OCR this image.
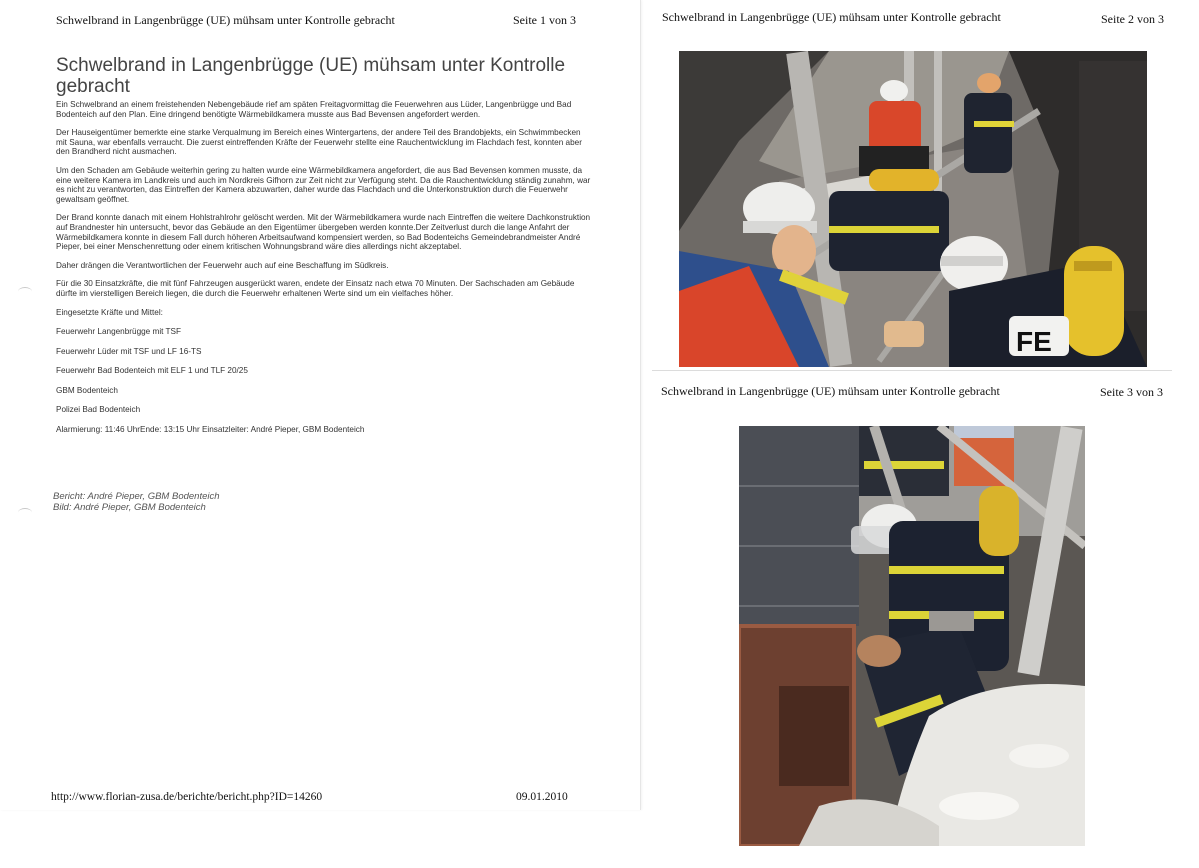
Schwelbrand in Langenbrügge (UE) mühsam unter Kontrolle gebracht	Seite 1 von 3
Schwelbrand in Langenbrügge (UE) mühsam unter Kontrolle gebracht

Ein Schwelbrand an einem freistehenden Nebengebäude rief am späten Freitagvormittag die Feuerwehren aus Lüder, Langenbrügge und Bad Bodenteich auf den Plan. Eine dringend benötigte Wärmebildkamera musste aus Bad Bevensen angefordert werden.

Der Hauseigentümer bemerkte eine starke Verqualmung im Bereich eines Wintergartens, der andere Teil des Brandobjekts, ein Schwimmbecken mit Sauna, war ebenfalls verraucht. Die zuerst eintreffenden Kräfte der Feuerwehr stellte eine Rauchentwicklung im Flachdach fest, konnten aber den Brandherd nicht ausmachen.

Um den Schaden am Gebäude weiterhin gering zu halten wurde eine Wärmebildkamera angefordert, die aus Bad Bevensen kommen musste, da eine weitere Kamera im Landkreis und auch im Nordkreis Gifhorn zur Zeit nicht zur Verfügung steht. Da die Rauchentwicklung ständig zunahm, war es nicht zu verantworten, das Eintreffen der Kamera abzuwarten, daher wurde das Flachdach und die Unterkonstruktion durch die Feuerwehr gewaltsam geöffnet.

Der Brand konnte danach mit einem Hohlstrahlrohr gelöscht werden. Mit der Wärmebildkamera wurde nach Eintreffen die weitere Dachkonstruktion auf Brandnester hin untersucht, bevor das Gebäude an den Eigentümer übergeben werden konnte.Der Zeitverlust durch die lange Anfahrt der Wärmebildkamera konnte in diesem Fall durch höheren Arbeitsaufwand kompensiert werden, so Bad Bodenteichs Gemeindebrandmeister André Pieper, bei einer Menschenrettung oder einem kritischen Wohnungsbrand wäre dies allerdings nicht akzeptabel.

Daher drängen die Verantwortlichen der Feuerwehr auch auf eine Beschaffung im Südkreis.

Für die 30 Einsatzkräfte, die mit fünf Fahrzeugen ausgerückt waren, endete der Einsatz nach etwa 70 Minuten. Der Sachschaden am Gebäude dürfte im vierstelligen Bereich liegen, die durch die Feuerwehr erhaltenen Werte sind um ein vielfaches höher.

Eingesetzte Kräfte und Mittel:

Feuerwehr Langenbrügge mit TSF

Feuerwehr Lüder mit TSF und LF 16-TS

Feuerwehr Bad Bodenteich mit ELF 1 und TLF 20/25

GBM Bodenteich

Polizei Bad Bodenteich

Alarmierung: 11:46 UhrEnde: 13:15 Uhr Einsatzleiter: André Pieper, GBM Bodenteich

Bericht: André Pieper, GBM Bodenteich
Bild: André Pieper, GBM Bodenteich
http://www.florian-zusa.de/berichte/bericht.php?ID=14260	09.01.2010
Schwelbrand in Langenbrügge (UE) mühsam unter Kontrolle gebracht	Seite 2 von 3
FE
Schwelbrand in Langenbrügge (UE) mühsam unter Kontrolle gebracht	Seite 3 von 3
